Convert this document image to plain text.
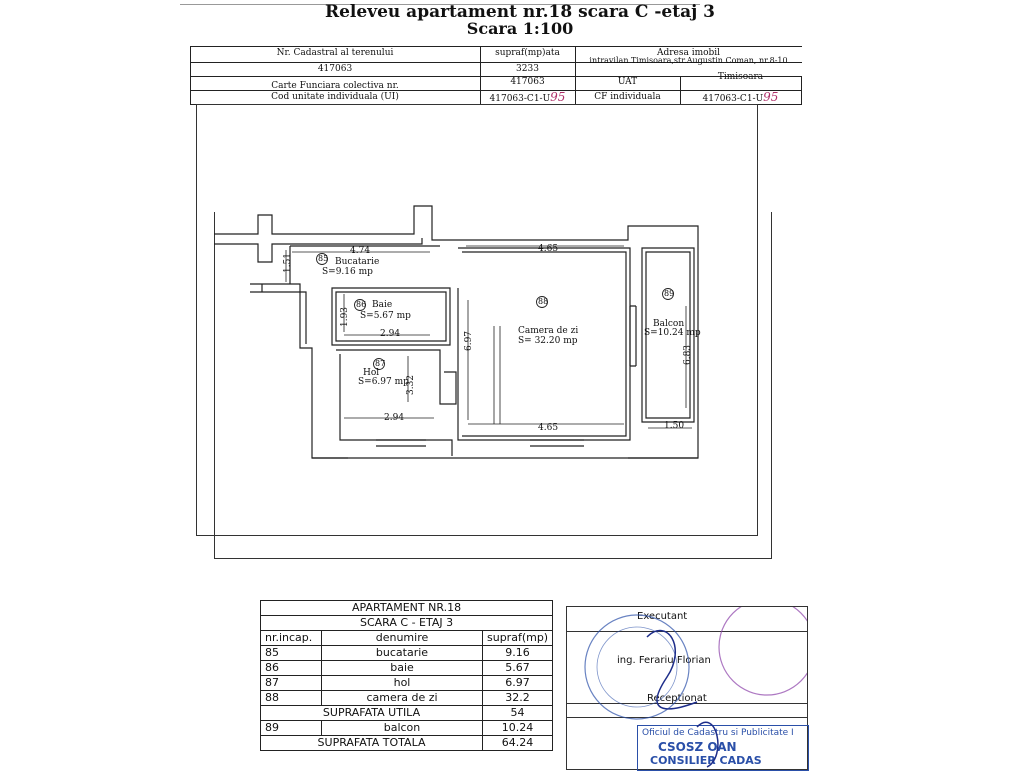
Releveu apartament nr.18 scara C -etaj 3
Scara 1:100
Nr. Cadastral al terenului	supraf(mp)ata	Adresa imobil
417063	3233
intravilan Timisoara,str.Augustin Coman, nr.8-10
Carte Funciara colectiva nr.	417063	UAT	Timisoara
Cod unitate individuala (UI)	417063-C1-U95	CF individuala	417063-C1-U95
85 Bucatarie
S=9.16 mp
86 Baie
S=5.67 mp
87
Hol
S=6.97 mp
88
Camera de zi
S= 32.20 mp
89
Balcon
S=10.24 mp
4.74
1.51
1.93
2.94
3.32
2.94
4.65
4.65
6.97
6.83
1.50
APARTAMENT NR.18		
SCARA C - ETAJ 3		
nr.incap.	denumire	supraf(mp)
85	bucatarie	9.16
86	baie	5.67
87	hol	6.97
88	camera de zi	32.2
SUPRAFATA UTILA		54
89	balcon	10.24
SUPRAFATA TOTALA		64.24
Executant
ing. Ferariu Florian
Receptionat
Oficiul de Cadastru si Publicitate I
CSOSZ OAN
CONSILIER CADAS
